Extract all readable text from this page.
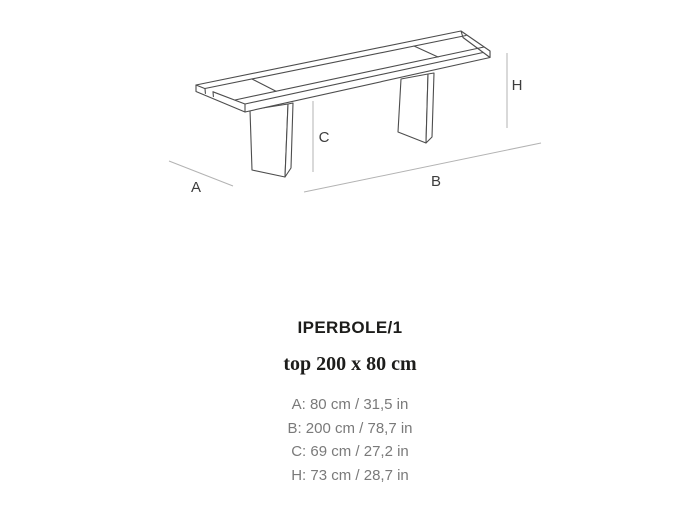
A	B
C
H
IPERBOLE/1
top 200 x 80 cm
A: 80 cm / 31,5 in
B: 200 cm / 78,7 in
C: 69 cm / 27,2 in
H: 73 cm / 28,7 in
